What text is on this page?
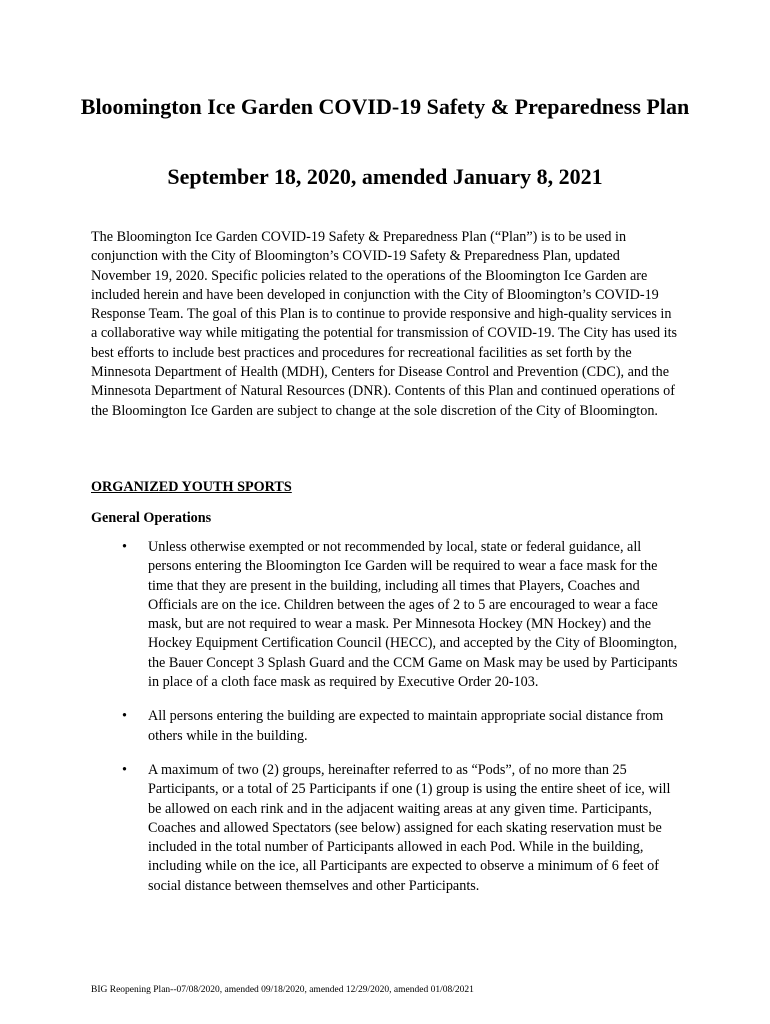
Bloomington Ice Garden COVID-19 Safety & Preparedness Plan
September 18, 2020, amended January 8, 2021

The Bloomington Ice Garden COVID-19 Safety & Preparedness Plan (“Plan”) is to be used in conjunction with the City of Bloomington’s COVID-19 Safety & Preparedness Plan, updated November 19, 2020. Specific policies related to the operations of the Bloomington Ice Garden are included herein and have been developed in conjunction with the City of Bloomington’s COVID-19 Response Team. The goal of this Plan is to continue to provide responsive and high-quality services in a collaborative way while mitigating the potential for transmission of COVID-19. The City has used its best efforts to include best practices and procedures for recreational facilities as set forth by the Minnesota Department of Health (MDH), Centers for Disease Control and Prevention (CDC), and the Minnesota Department of Natural Resources (DNR). Contents of this Plan and continued operations of the Bloomington Ice Garden are subject to change at the sole discretion of the City of Bloomington.

ORGANIZED YOUTH SPORTS

General Operations

• Unless otherwise exempted or not recommended by local, state or federal guidance, all persons entering the Bloomington Ice Garden will be required to wear a face mask for the time that they are present in the building, including all times that Players, Coaches and Officials are on the ice. Children between the ages of 2 to 5 are encouraged to wear a face mask, but are not required to wear a mask. Per Minnesota Hockey (MN Hockey) and the Hockey Equipment Certification Council (HECC), and accepted by the City of Bloomington, the Bauer Concept 3 Splash Guard and the CCM Game on Mask may be used by Participants in place of a cloth face mask as required by Executive Order 20-103.
• All persons entering the building are expected to maintain appropriate social distance from others while in the building.
• A maximum of two (2) groups, hereinafter referred to as “Pods”, of no more than 25 Participants, or a total of 25 Participants if one (1) group is using the entire sheet of ice, will be allowed on each rink and in the adjacent waiting areas at any given time. Participants, Coaches and allowed Spectators (see below) assigned for each skating reservation must be included in the total number of Participants allowed in each Pod. While in the building, including while on the ice, all Participants are expected to observe a minimum of 6 feet of social distance between themselves and other Participants.

BIG Reopening Plan--07/08/2020, amended 09/18/2020, amended 12/29/2020, amended 01/08/2021
